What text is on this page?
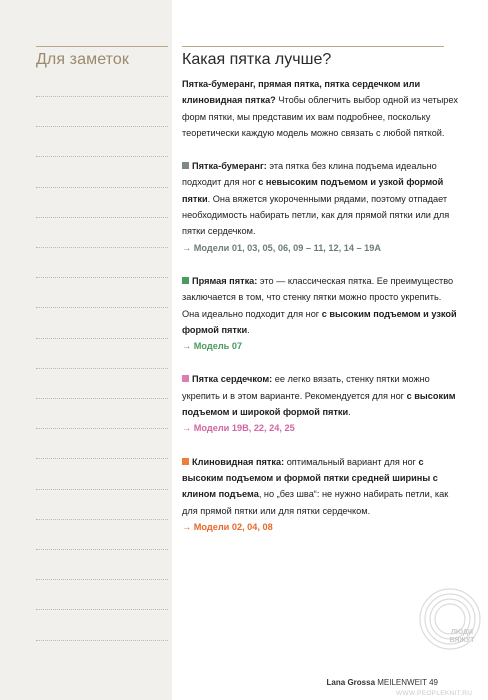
Для заметок	Какая пятка лучше?

Пятка-бумеранг, прямая пятка, пятка сердечком или клиновидная пятка? Чтобы облегчить выбор одной из четырех форм пятки, мы представим их вам подробнее, поскольку теоретически каждую модель можно связать с любой пяткой.

Пятка-бумеранг: эта пятка без клина подъема идеально подходит для ног с невысоким подъемом и узкой формой пятки. Она вяжется укороченными рядами, поэтому отпадает необходимость набирать петли, как для прямой пятки или для пятки сердечком.
→ Модели 01, 03, 05, 06, 09 – 11, 12, 14 – 19A
Прямая пятка: это — классическая пятка. Ее преимущество заключается в том, что стенку пятки можно просто укрепить. Она идеально подходит для ног с высоким подъемом и узкой формой пятки.
→ Модель 07
Пятка сердечком: ее легко вязать, стенку пятки можно укрепить и в этом варианте. Рекомендуется для ног с высоким подъемом и широкой формой пятки.
→ Модели 19B, 22, 24, 25
Клиновидная пятка: оптимальный вариант для ног с высоким подъемом и формой пятки средней ширины с клином подъема, но „без шва“: не нужно набирать петли, как для прямой пятки или для пятки сердечком.
→ Модели 02, 04, 08
ЛЮДИ
ВЯЖУТ
Lana Grossa MEILENWEIT 49
WWW.PEOPLEKNIT.RU
